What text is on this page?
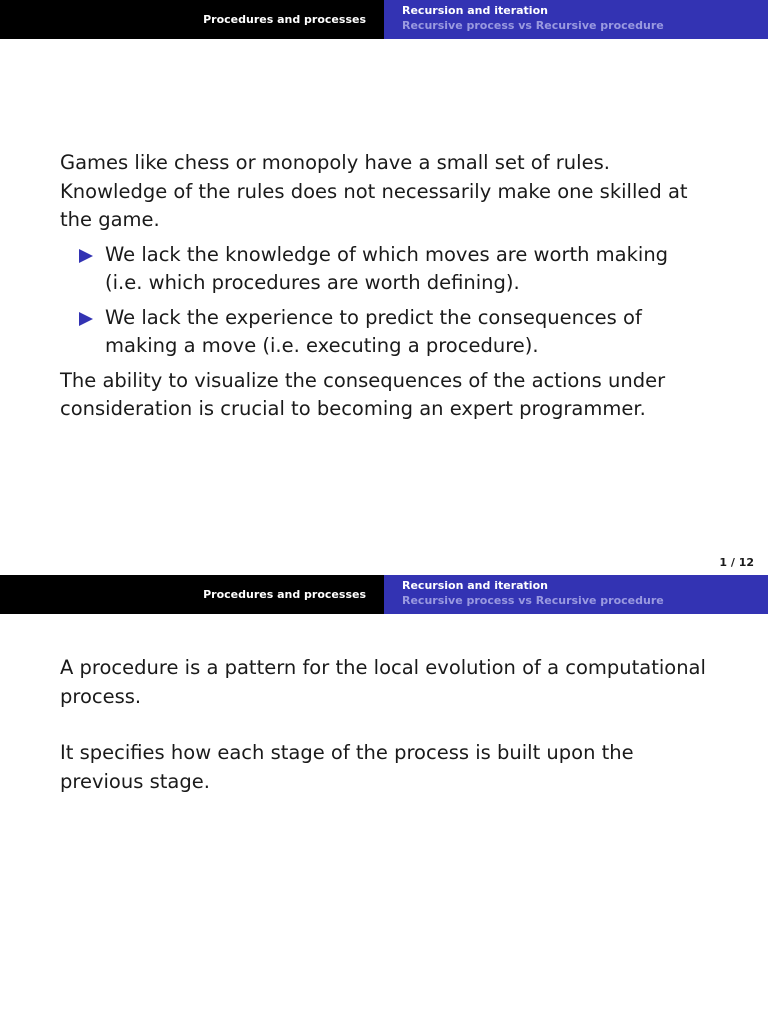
Procedures and processes
Recursion and iteration
Recursive process vs Recursive procedure

Games like chess or monopoly have a small set of rules. Knowledge of the rules does not necessarily make one skilled at the game.

We lack the knowledge of which moves are worth making (i.e. which procedures are worth defining).
We lack the experience to predict the consequences of making a move (i.e. executing a procedure).

The ability to visualize the consequences of the actions under consideration is crucial to becoming an expert programmer.

1 / 12
Procedures and processes
Recursion and iteration
Recursive process vs Recursive procedure

A procedure is a pattern for the local evolution of a computational process.

It specifies how each stage of the process is built upon the previous stage.
